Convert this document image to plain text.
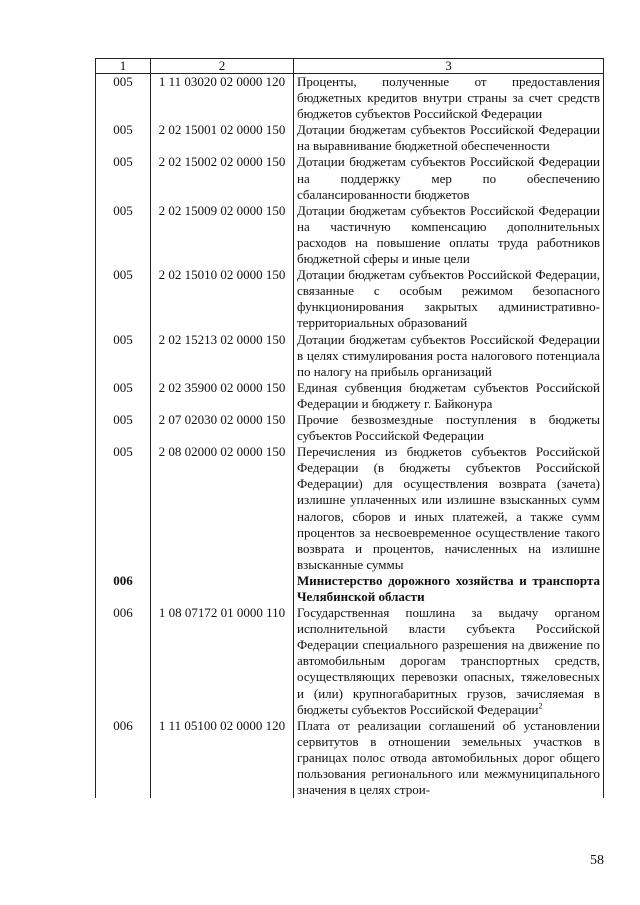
1	2	3
005	1 11 03020 02 0000 120	Проценты, полученные от предоставления бюджетных кредитов внутри страны за счет средств бюджетов субъектов Российской Федерации
005	2 02 15001 02 0000 150	Дотации бюджетам субъектов Российской Федерации на выравнивание бюджетной обеспеченности
005	2 02 15002 02 0000 150	Дотации бюджетам субъектов Российской Федерации на поддержку мер по обеспечению сбалансированности бюджетов
005	2 02 15009 02 0000 150	Дотации бюджетам субъектов Российской Федерации на частичную компенсацию дополнительных расходов на повышение оплаты труда работников бюджетной сферы и иные цели
005	2 02 15010 02 0000 150	Дотации бюджетам субъектов Российской Федерации, связанные с особым режимом безопасного функционирования закрытых административно-территориальных образований
005	2 02 15213 02 0000 150	Дотации бюджетам субъектов Российской Федерации в целях стимулирования роста налогового потенциала по налогу на прибыль организаций
005	2 02 35900 02 0000 150	Единая субвенция бюджетам субъектов Российской Федерации и бюджету г. Байконура
005	2 07 02030 02 0000 150	Прочие безвозмездные поступления в бюджеты субъектов Российской Федерации
005	2 08 02000 02 0000 150	Перечисления из бюджетов субъектов Российской Федерации (в бюджеты субъектов Российской Федерации) для осуществления возврата (зачета) излишне уплаченных или излишне взысканных сумм налогов, сборов и иных платежей, а также сумм процентов за несвоевременное осуществление такого возврата и процентов, начисленных на излишне взысканные суммы
006		Министерство дорожного хозяйства и транспорта Челябинской области
006	1 08 07172 01 0000 110	Государственная пошлина за выдачу органом исполнительной власти субъекта Российской Федерации специального разрешения на движение по автомобильным дорогам транспортных средств, осуществляющих перевозки опасных, тяжеловесных и (или) крупногабаритных грузов, зачисляемая в бюджеты субъектов Российской Федерации$^2$
006	1 11 05100 02 0000 120	Плата от реализации соглашений об установлении сервитутов в отношении земельных участков в границах полос отвода автомобильных дорог общего пользования регионального или межмуниципального значения в целях строи-
58
